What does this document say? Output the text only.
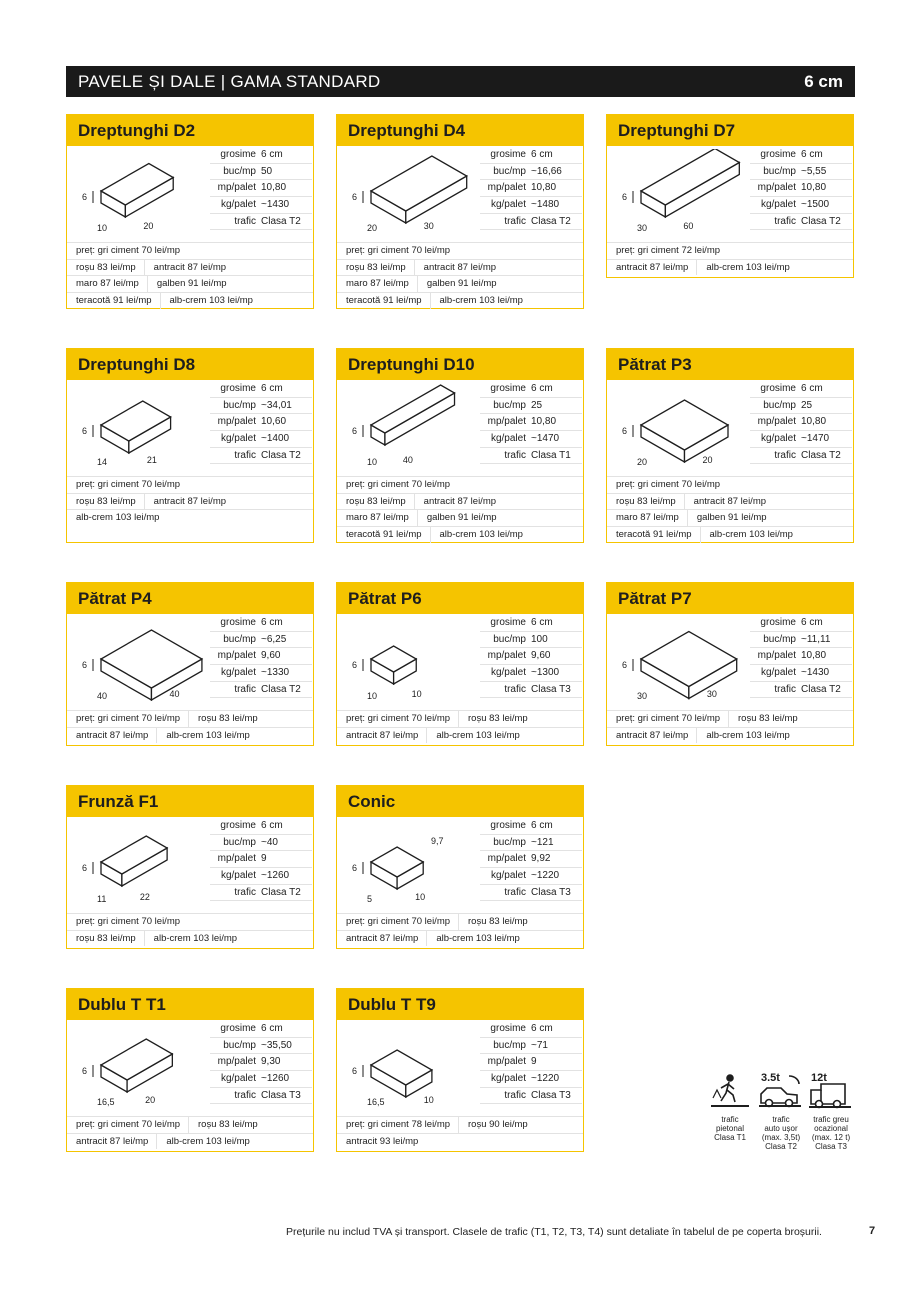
PAVELE ȘI DALE | GAMA STANDARD	6 cm
Dreptunghi D2
6
10	20
grosime 6 cm
buc/mp 50
mp/palet 10,80
kg/palet ~1430
trafic Clasa T2
preț: gri ciment 70 lei/mp
roșu 83 lei/mp	antracit 87 lei/mp
maro 87 lei/mp	galben 91 lei/mp
teracotă 91 lei/mp	alb-crem 103 lei/mp
Dreptunghi D4
6
20	30
grosime 6 cm
buc/mp ~16,66
mp/palet 10,80
kg/palet ~1480
trafic Clasa T2
preț: gri ciment 70 lei/mp
roșu 83 lei/mp	antracit 87 lei/mp
maro 87 lei/mp	galben 91 lei/mp
teracotă 91 lei/mp	alb-crem 103 lei/mp
Dreptunghi D7
6
30	60
grosime 6 cm
buc/mp ~5,55
mp/palet 10,80
kg/palet ~1500
trafic Clasa T2
preț: gri ciment 72 lei/mp
antracit 87 lei/mp	alb-crem 103 lei/mp
Dreptunghi D8
6
14	21
grosime 6 cm
buc/mp ~34,01
mp/palet 10,60
kg/palet ~1400
trafic Clasa T2
preț: gri ciment 70 lei/mp
roșu 83 lei/mp	antracit 87 lei/mp
alb-crem 103 lei/mp
Dreptunghi D10
6
10	40
grosime 6 cm
buc/mp 25
mp/palet 10,80
kg/palet ~1470
trafic Clasa T1
preț: gri ciment 70 lei/mp
roșu 83 lei/mp	antracit 87 lei/mp
maro 87 lei/mp	galben 91 lei/mp
teracotă 91 lei/mp	alb-crem 103 lei/mp
Pătrat P3
6
20	20
grosime 6 cm
buc/mp 25
mp/palet 10,80
kg/palet ~1470
trafic Clasa T2
preț: gri ciment 70 lei/mp
roșu 83 lei/mp	antracit 87 lei/mp
maro 87 lei/mp	galben 91 lei/mp
teracotă 91 lei/mp	alb-crem 103 lei/mp
Pătrat P4
6
40	40
grosime 6 cm
buc/mp ~6,25
mp/palet 9,60
kg/palet ~1330
trafic Clasa T2
preț: gri ciment 70 lei/mp	roșu 83 lei/mp
antracit 87 lei/mp	alb-crem 103 lei/mp
Pătrat P6
6
10	10
grosime 6 cm
buc/mp 100
mp/palet 9,60
kg/palet ~1300
trafic Clasa T3
preț: gri ciment 70 lei/mp	roșu 83 lei/mp
antracit 87 lei/mp	alb-crem 103 lei/mp
Pătrat P7
6
30	30
grosime 6 cm
buc/mp ~11,11
mp/palet 10,80
kg/palet ~1430
trafic Clasa T2
preț: gri ciment 70 lei/mp	roșu 83 lei/mp
antracit 87 lei/mp	alb-crem 103 lei/mp
Frunză F1
6
11	22
grosime 6 cm
buc/mp ~40
mp/palet 9
kg/palet ~1260
trafic Clasa T2
preț: gri ciment 70 lei/mp
roșu 83 lei/mp	alb-crem 103 lei/mp
Conic
6
5	10
9,7
grosime 6 cm
buc/mp ~121
mp/palet 9,92
kg/palet ~1220
trafic Clasa T3
preț: gri ciment 70 lei/mp	roșu 83 lei/mp
antracit 87 lei/mp	alb-crem 103 lei/mp
Dublu T T1
6
16,5	20
grosime 6 cm
buc/mp ~35,50
mp/palet 9,30
kg/palet ~1260
trafic Clasa T3
preț: gri ciment 70 lei/mp	roșu 83 lei/mp
antracit 87 lei/mp	alb-crem 103 lei/mp
Dublu T T9
6
16,5	10
grosime 6 cm
buc/mp ~71
mp/palet 9
kg/palet ~1220
trafic Clasa T3
preț: gri ciment 78 lei/mp	roșu 90 lei/mp
antracit 93 lei/mp
3.5t	12t
trafic
pietonal
Clasa T1
trafic
auto ușor
(max. 3,5t)
Clasa T2
trafic greu
ocazional
(max. 12 t)
Clasa T3
Prețurile nu includ TVA și transport. Clasele de trafic (T1, T2, T3, T4) sunt detaliate în tabelul de pe coperta broșurii.	7
